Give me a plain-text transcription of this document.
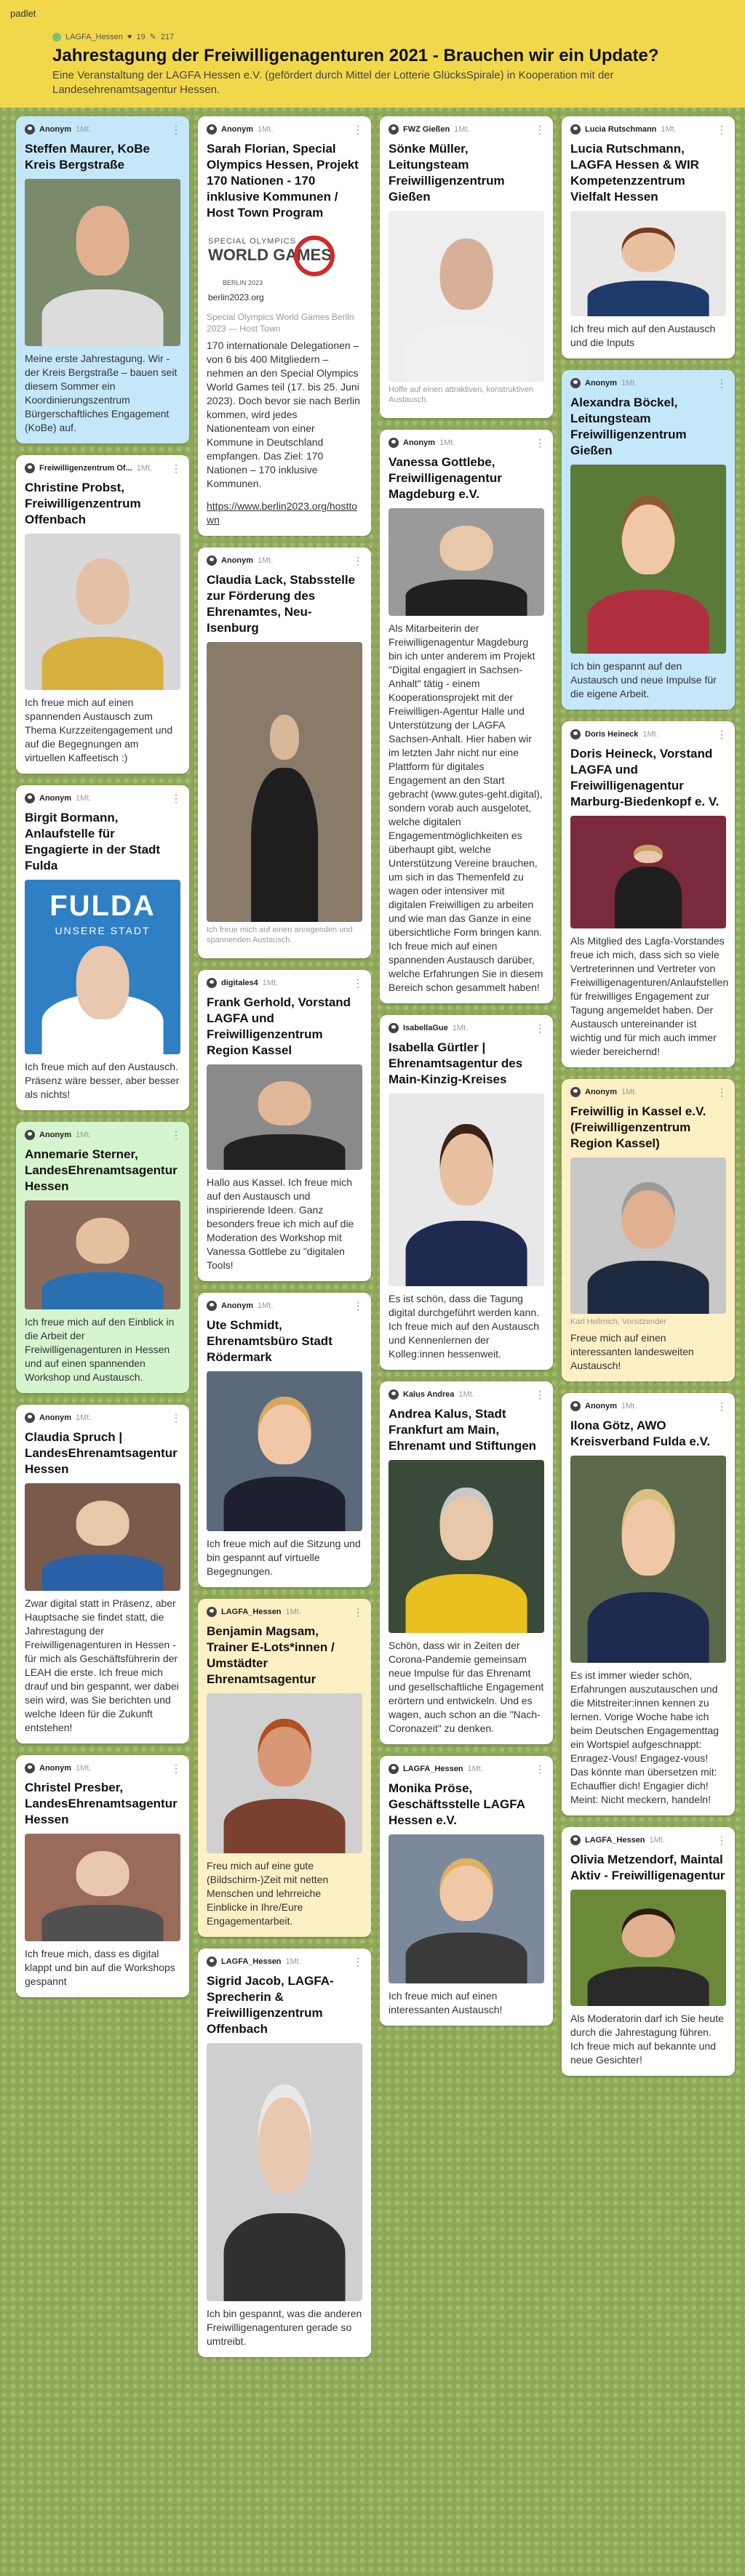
padlet
LAGFA_Hessen ♥ 19 ✎ 217
Jahrestagung der Freiwilligenagenturen 2021 - Brauchen wir ein Update?
Eine Veranstaltung der LAGFA Hessen e.V. (gefördert durch Mittel der Lotterie GlücksSpirale) in Kooperation mit der Landesehrenamtsagentur Hessen.
Anonym 1Mt.	⋮
Steffen Maurer, KoBe Kreis Bergstraße
Meine erste Jahrestagung. Wir - der Kreis Bergstraße – bauen seit diesem Sommer ein Koordinierungszentrum Bürgerschaftliches Engagement (KoBe) auf.
Freiwilligenzentrum Of... 1Mt. ⋮
Christine Probst, Freiwilligenzentrum Offenbach
Ich freue mich auf einen spannenden Austausch zum Thema Kurzzeitengagement und auf die Begegnungen am virtuellen Kaffeetisch :)
Anonym 1Mt.	⋮
Birgit Bormann, Anlaufstelle für Engagierte in der Stadt Fulda
FULDA
UNSERE STADT
Ich freue mich auf den Austausch. Präsenz wäre besser, aber besser als nichts!
Anonym 1Mt.	⋮
Annemarie Sterner, LandesEhrenamtsagentur Hessen
Ich freue mich auf den Einblick in die Arbeit der Freiwilligenagenturen in Hessen und auf einen spannenden Workshop und Austausch.
Anonym 1Mt.	⋮
Claudia Spruch | LandesEhrenamtsagentur Hessen
Zwar digital statt in Präsenz, aber Hauptsache sie findet statt, die Jahrestagung der Freiwilligenagenturen in Hessen - für mich als Geschäftsführerin der LEAH die erste. Ich freue mich drauf und bin gespannt, wer dabei sein wird, was Sie berichten und welche Ideen für die Zukunft entstehen!
Anonym 1Mt.	⋮
Christel Presber, LandesEhrenamtsagentur Hessen
Ich freue mich, dass es digital klappt und bin auf die Workshops gespannt
Anonym 1Mt.	⋮
Sarah Florian, Special Olympics Hessen, Projekt 170 Nationen - 170 inklusive Kommunen / Host Town Program
SPECIAL OLYMPICS
WORLD GAMES
BERLIN 2023
berlin2023.org
Special Olympics World Games Berlin 2023 — Host Town
170 internationale Delegationen – von 6 bis 400 Mitgliedern – nehmen an den Special Olympics World Games teil (17. bis 25. Juni 2023). Doch bevor sie nach Berlin kommen, wird jedes Nationenteam von einer Kommune in Deutschland empfangen. Das Ziel: 170 Nationen – 170 inklusive Kommunen.
https://www.berlin2023.org/hosttown
Anonym 1Mt.	⋮
Claudia Lack, Stabsstelle zur Förderung des Ehrenamtes, Neu-Isenburg
Ich freue mich auf einen anregenden und spannenden Austausch.
digitales4 1Mt.	⋮
Frank Gerhold, Vorstand LAGFA und Freiwilligenzentrum Region Kassel
Hallo aus Kassel. Ich freue mich auf den Austausch und inspirierende Ideen. Ganz besonders freue ich mich auf die Moderation des Workshop mit Vanessa Gottlebe zu "digitalen Tools!
Anonym 1Mt.	⋮
Ute Schmidt, Ehrenamtsbüro Stadt Rödermark
Ich freue mich auf die Sitzung und bin gespannt auf virtuelle Begegnungen.
LAGFA_Hessen 1Mt.	⋮
Benjamin Magsam, Trainer E-Lots*innen / Umstädter Ehrenamtsagentur
Freu mich auf eine gute (Bildschirm-)Zeit mit netten Menschen und lehrreiche Einblicke in Ihre/Eure Engagementarbeit.
LAGFA_Hessen 1Mt.	⋮
Sigrid Jacob, LAGFA-Sprecherin & Freiwilligenzentrum Offenbach
Ich bin gespannt, was die anderen Freiwilligenagenturen gerade so umtreibt.
FWZ Gießen 1Mt.	⋮
Sönke Müller, Leitungsteam Freiwilligenzentrum Gießen
Hoffe auf einen attraktiven, konstruktiven Austausch.
Anonym 1Mt.	⋮
Vanessa Gottlebe, Freiwilligenagentur Magdeburg e.V.
Als Mitarbeiterin der Freiwilligenagentur Magdeburg bin ich unter anderem im Projekt "Digital engagiert in Sachsen-Anhalt" tätig - einem Kooperationsprojekt mit der Freiwilligen-Agentur Halle und Unterstützung der LAGFA Sachsen-Anhalt. Hier haben wir im letzten Jahr nicht nur eine Plattform für digitales Engagement an den Start gebracht (www.gutes-geht.digital), sondern vorab auch ausgelotet, welche digitalen Engagementmöglichkeiten es überhaupt gibt, welche Unterstützung Vereine brauchen, um sich in das Themenfeld zu wagen oder intensiver mit digitalen Freiwilligen zu arbeiten und wie man das Ganze in eine übersichtliche Form bringen kann. Ich freue mich auf einen spannenden Austausch darüber, welche Erfahrungen Sie in diesem Bereich schon gesammelt haben!
IsabellaGue 1Mt.	⋮
Isabella Gürtler | Ehrenamtsagentur des Main-Kinzig-Kreises
Es ist schön, dass die Tagung digital durchgeführt werden kann. Ich freue mich auf den Austausch und Kennenlernen der Kolleg:innen hessenweit.
Kalus Andrea 1Mt.	⋮
Andrea Kalus, Stadt Frankfurt am Main, Ehrenamt und Stiftungen
Schön, dass wir in Zeiten der Corona-Pandemie gemeinsam neue Impulse für das Ehrenamt und gesellschaftliche Engagement erörtern und entwickeln. Und es wagen, auch schon an die "Nach-Coronazeit" zu denken.
LAGFA_Hessen 1Mt.	⋮
Monika Pröse, Geschäftsstelle LAGFA Hessen e.V.
Ich freue mich auf einen interessanten Austausch!
Lucia Rutschmann 1Mt.	⋮
Lucia Rutschmann, LAGFA Hessen & WIR Kompetenzzentrum Vielfalt Hessen
Ich freu mich auf den Austausch und die Inputs
Anonym 1Mt.	⋮
Alexandra Böckel, Leitungsteam Freiwilligenzentrum Gießen
Ich bin gespannt auf den Austausch und neue Impulse für die eigene Arbeit.
Doris Heineck 1Mt.	⋮
Doris Heineck, Vorstand LAGFA und Freiwilligenagentur Marburg-Biedenkopf e. V.
Als Mitglied des Lagfa-Vorstandes freue ich mich, dass sich so viele Vertreterinnen und Vertreter von Freiwilligenagenturen/Anlaufstellen für freiwilliges Engagement zur Tagung angemeldet haben. Der Austausch untereinander ist wichtig und für mich auch immer wieder bereichernd!
Anonym 1Mt.	⋮
Freiwillig in Kassel e.V. (Freiwilligenzentrum Region Kassel)
Karl Hellmich, Vorsitzender
Freue mich auf einen interessanten landesweiten Austausch!
Anonym 1Mt.	⋮
Ilona Götz, AWO Kreisverband Fulda e.V.
Es ist immer wieder schön, Erfahrungen auszutauschen und die Mitstreiter:innen kennen zu lernen. Vorige Woche habe ich beim Deutschen Engagementtag ein Wortspiel aufgeschnappt: Enragez-Vous! Engagez-vous! Das könnte man übersetzen mit: Echauffier dich! Engagier dich! Meint: Nicht meckern, handeln!
LAGFA_Hessen 1Mt.	⋮
Olivia Metzendorf, Maintal Aktiv - Freiwilligenagentur
Als Moderatorin darf ich Sie heute durch die Jahrestagung führen. Ich freue mich auf bekannte und neue Gesichter!
